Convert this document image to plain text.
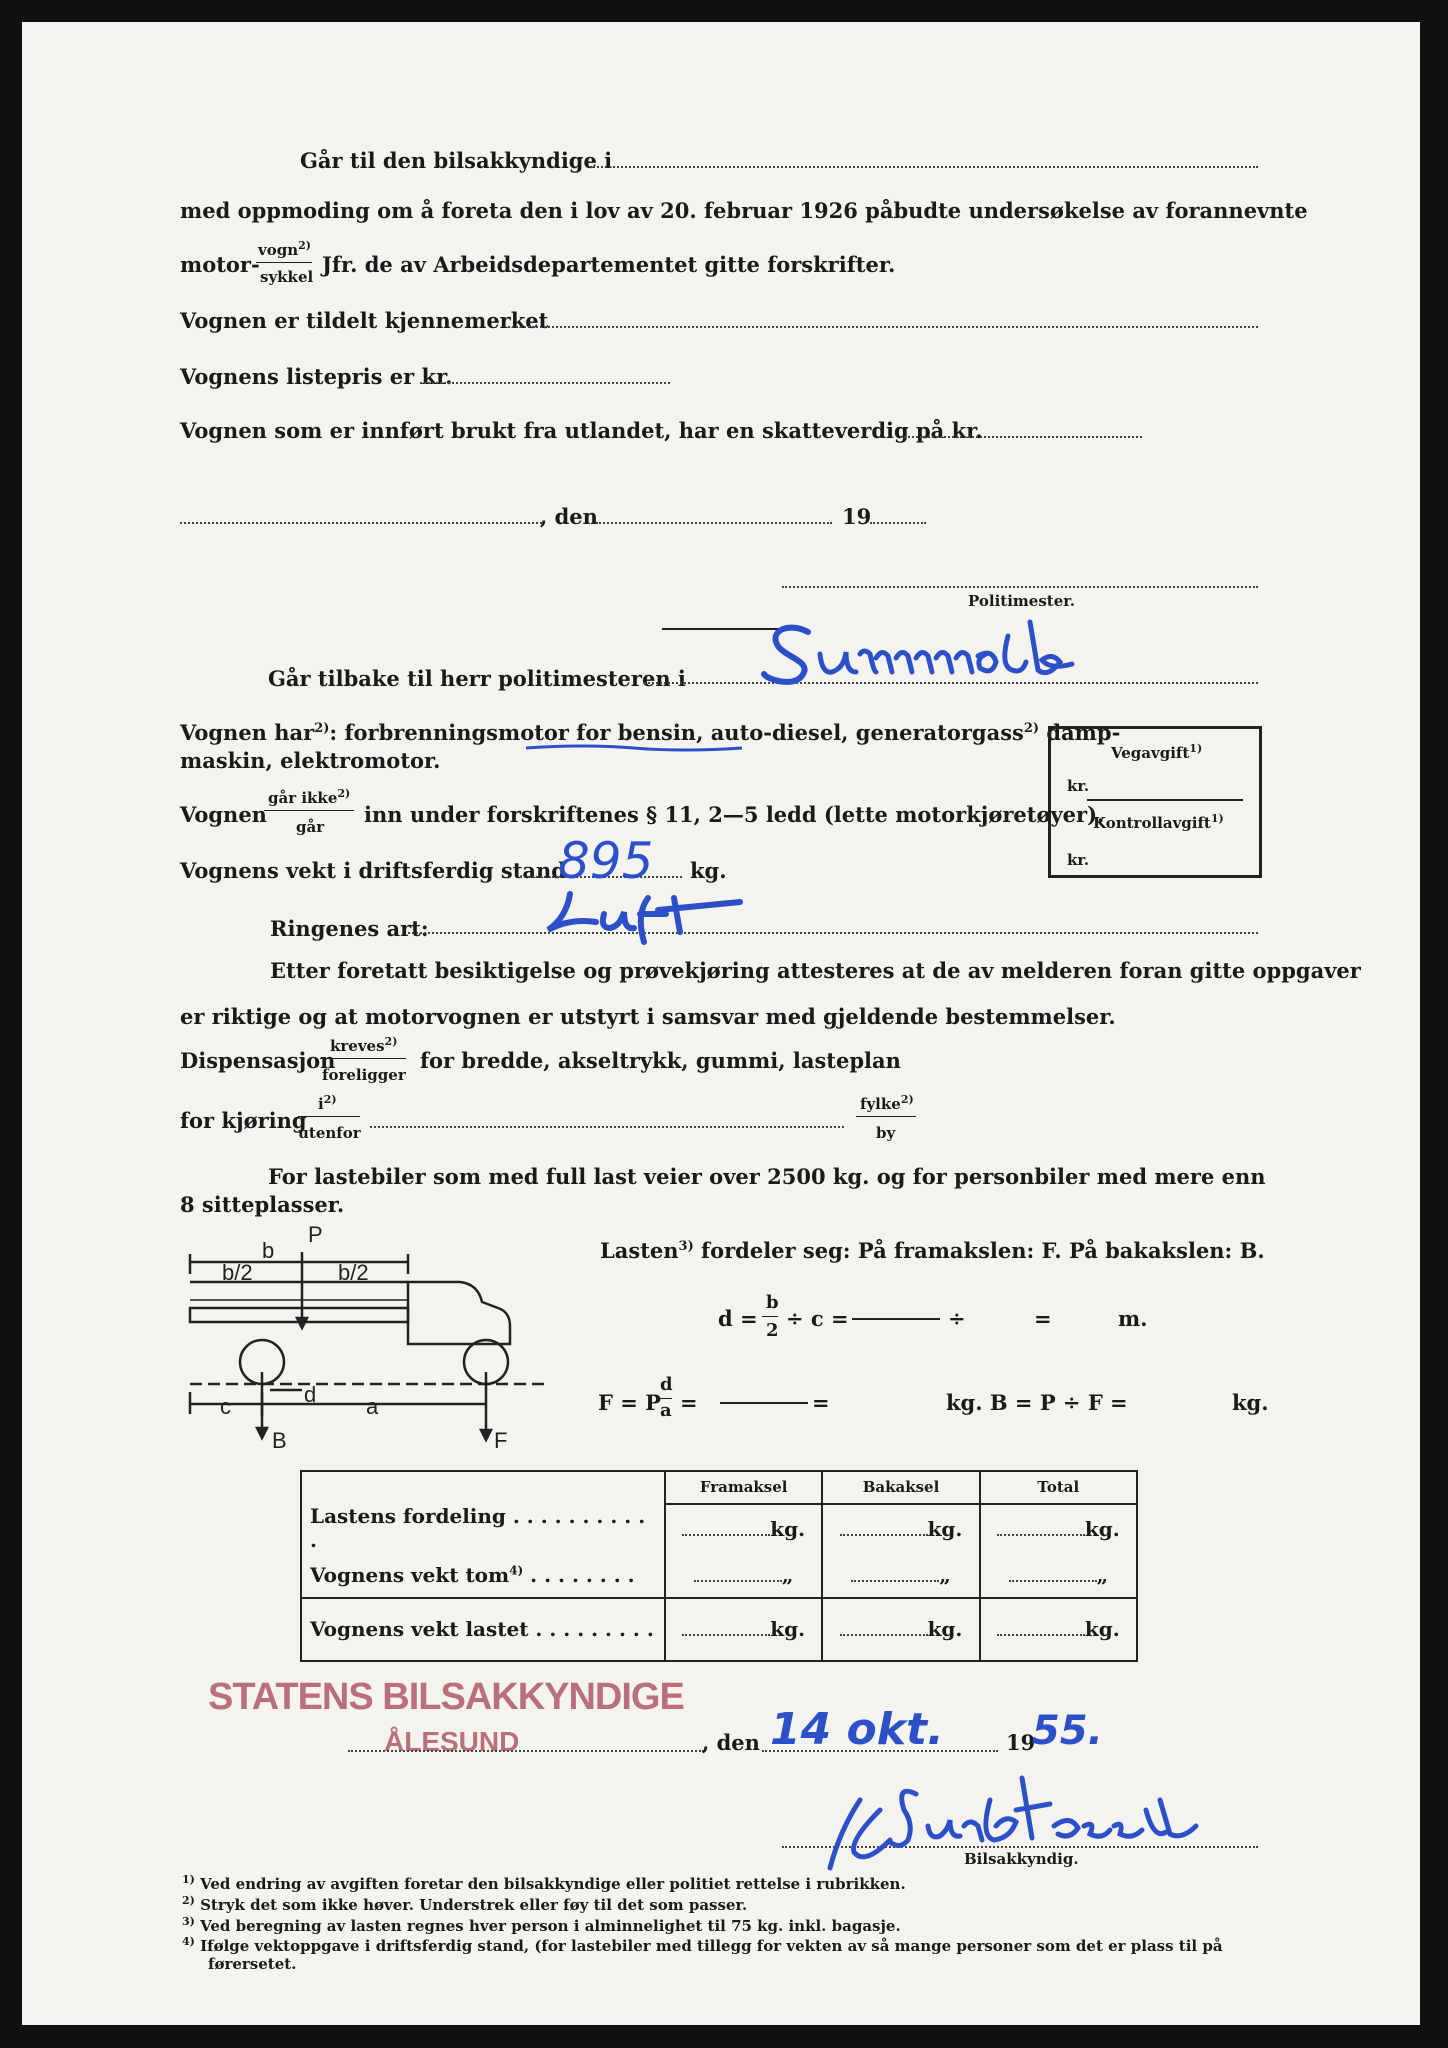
Går til den bilsakkyndige i
med oppmoding om å foreta den i lov av 20. februar 1926 påbudte undersøkelse av forannevnte
motor-
vogn$^{2)}$
sykkel Jfr. de av Arbeidsdepartementet gitte forskrifter.
Vognen er tildelt kjennemerket
Vognens listepris er kr.
Vognen som er innført brukt fra utlandet, har en skatteverdig på kr.
, den	19
Politimester.
Går tilbake til herr politimesteren i
Vognen har$^{2)}$: forbrenningsmotor for bensin, auto-diesel, generatorgass$^{2)}$ damp-
maskin, elektromotor.	Vegavgift$^{1)}$
kr.
Kontrollavgift$^{1)}$
kr.
Vognen
går ikke$^{2)}$
går inn under forskriftenes § 11, 2—5 ledd (lette motorkjøretøyer).
Vognens vekt i driftsferdig stand	kg.
895
Ringenes art:
Etter foretatt besiktigelse og prøvekjøring attesteres at de av melderen foran gitte oppgaver
er riktige og at motorvognen er utstyrt i samsvar med gjeldende bestemmelser.
Dispensasjon
kreves$^{2)}$
foreligger
for bredde, akseltrykk, gummi, lasteplan
for kjøring
$i^{2)}$
utenfor
fylke$^{2)}$
by
For lastebiler som med full last veier over 2500 kg. og for personbiler med mere enn
8 sitteplasser.
P
b
b/2	b/2
c	d a
B	F
Lasten$^{3)}$ fordeler seg: På framakslen: F. På bakakslen: B.
d =
b
2 ÷ c =	÷	=	m.
F = P
d
a =	=	kg. B = P ÷ F =	kg.
	Framaksel	Bakaksel	Total
Lastens fordeling . . . . . . . . . . .	kg.	kg.	kg.
Vognens vekt tom$^{4)}$ . . . . . . . .	„	„	„
Vognens vekt lastet . . . . . . . . .	kg.	kg.	kg.
STATENS BILSAKKYNDIGE
ÅLESUND	, den	19
14 okt. 55.
Bilsakkyndig.
$^{1)}$ Ved endring av avgiften foretar den bilsakkyndige eller politiet rettelse i rubrikken.
$^{2)}$ Stryk det som ikke høver. Understrek eller føy til det som passer.
$^{3)}$ Ved beregning av lasten regnes hver person i alminnelighet til 75 kg. inkl. bagasje.
$^{4)}$ Ifølge vektoppgave i driftsferdig stand, (for lastebiler med tillegg for vekten av så mange personer som det er plass til på
førersetet.
